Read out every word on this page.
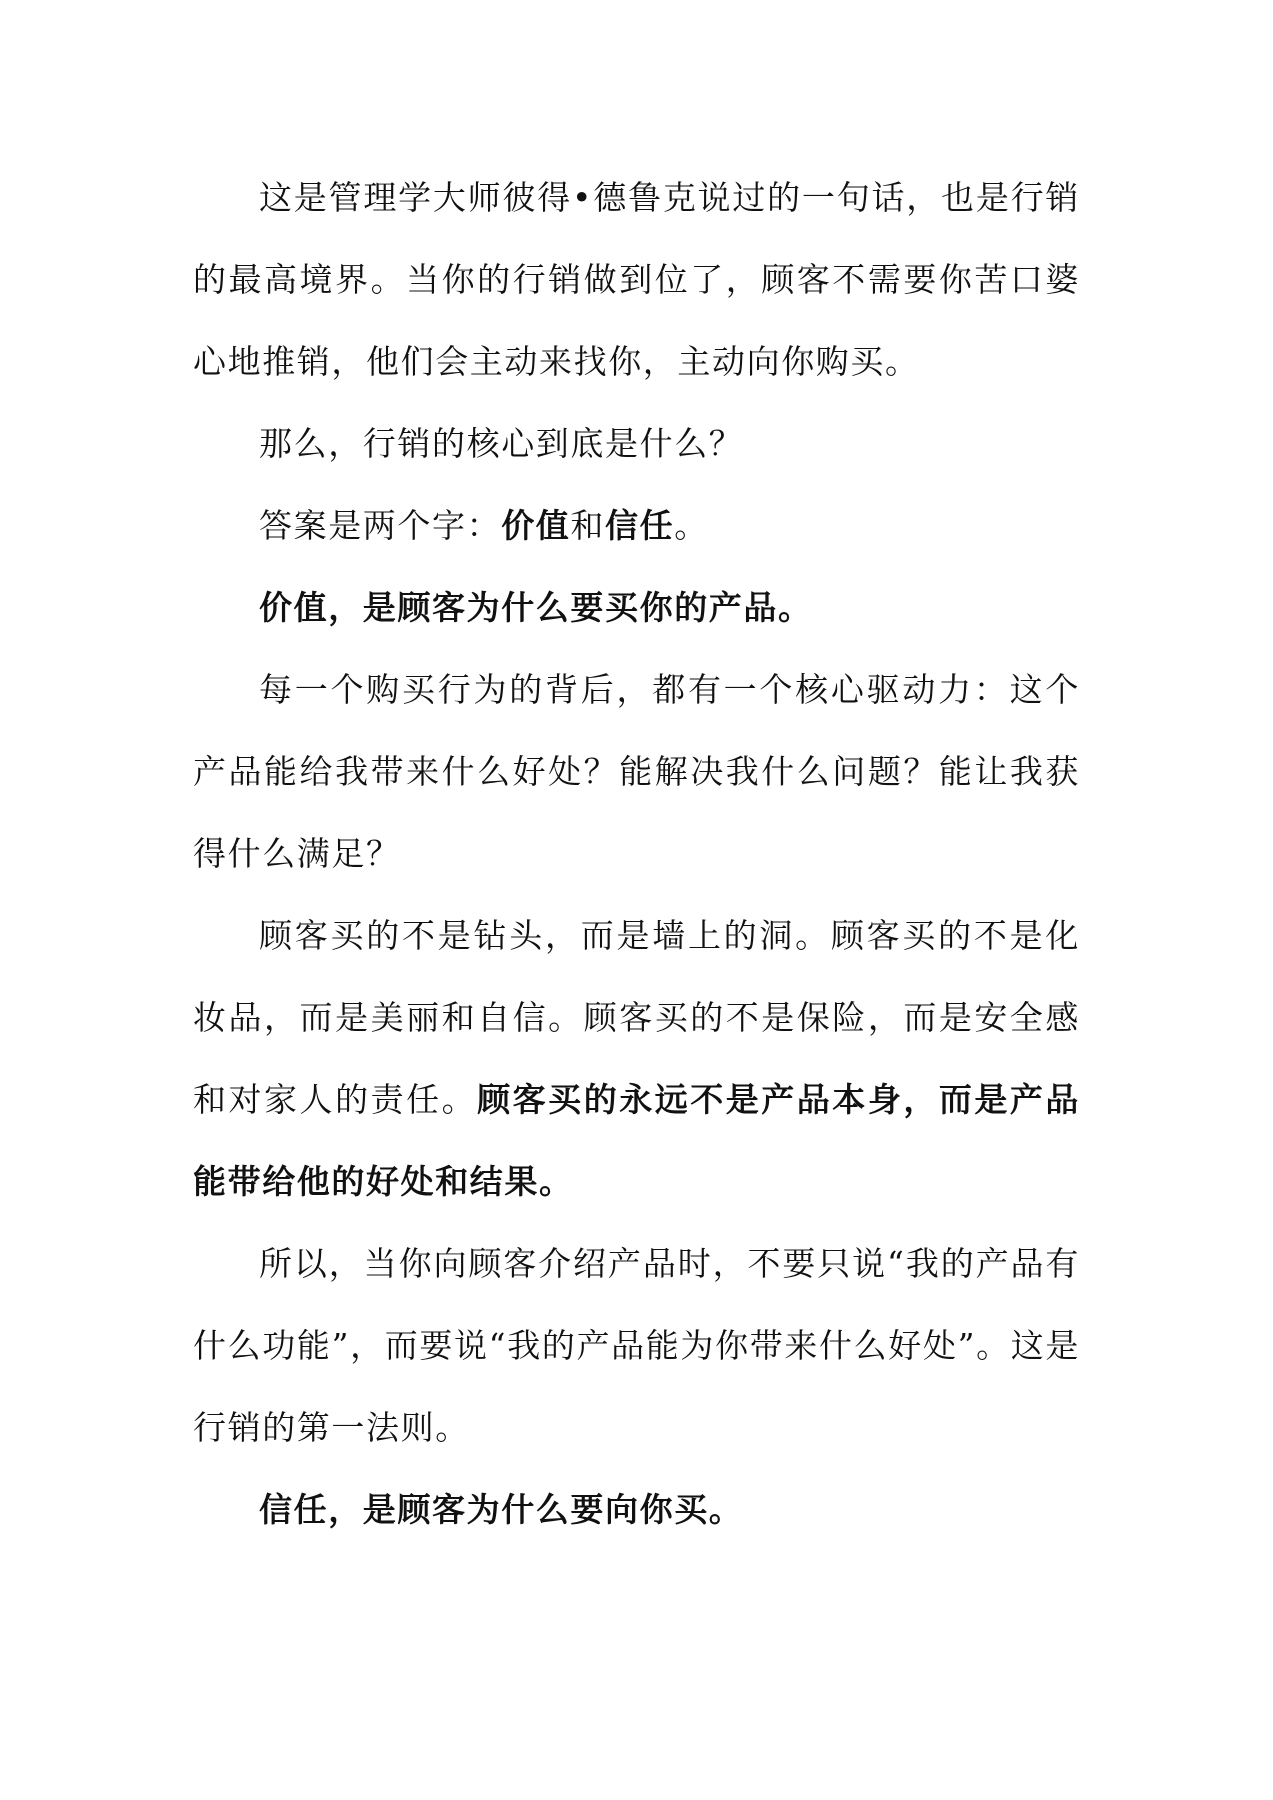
这是管理学大师彼得•德鲁克说过的一句话，也是行销的最高境界。当你的行销做到位了，顾客不需要你苦口婆心地推销，他们会主动来找你，主动向你购买。

那么，行销的核心到底是什么？

答案是两个字：价值和信任。

价值，是顾客为什么要买你的产品。

每一个购买行为的背后，都有一个核心驱动力：这个产品能给我带来什么好处？能解决我什么问题？能让我获得什么满足？

顾客买的不是钻头，而是墙上的洞。顾客买的不是化妆品，而是美丽和自信。顾客买的不是保险，而是安全感和对家人的责任。顾客买的永远不是产品本身，而是产品能带给他的好处和结果。

所以，当你向顾客介绍产品时，不要只说“我的产品有什么功能”，而要说“我的产品能为你带来什么好处”。这是行销的第一法则。

信任，是顾客为什么要向你买。
